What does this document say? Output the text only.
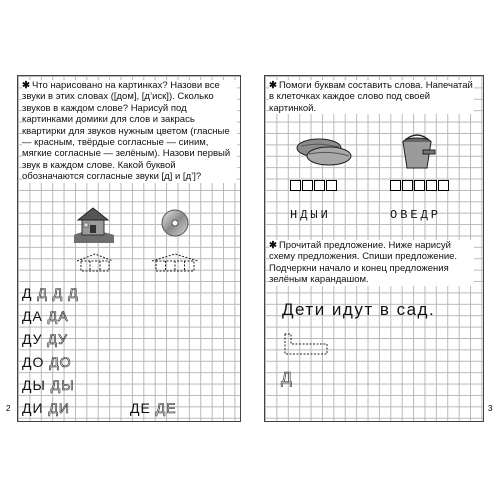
2
✱ Что нарисовано на картинках? Назови все звуки в этих словах ([дом], [д’иск]). Сколько звуков в каждом слове? Нарисуй под картинками домики для слов и закрась квартирки для звуков нужным цветом (гласные — красным, твёрдые согласные — синим, мягкие согласные — зелёным). Назови первый звук в каждом слове. Какой буквой обозначаются согласные звуки [д] и [д’]?
Д Д Д Д
ДА ДА
ДУ ДУ
ДО ДО
ДЫ ДЫ
ДИ ДИ	ДЕ ДЕ	3
✱ Помоги буквам составить слова. Напечатай в клеточках каждое слово под своей картинкой.
НДЫИ	ОВЕДР
✱ Прочитай предложение. Ниже нарисуй схему предложения. Спиши предложение. Подчеркни начало и конец предложения зелёным карандашом.
Дети идут в сад.
Д
